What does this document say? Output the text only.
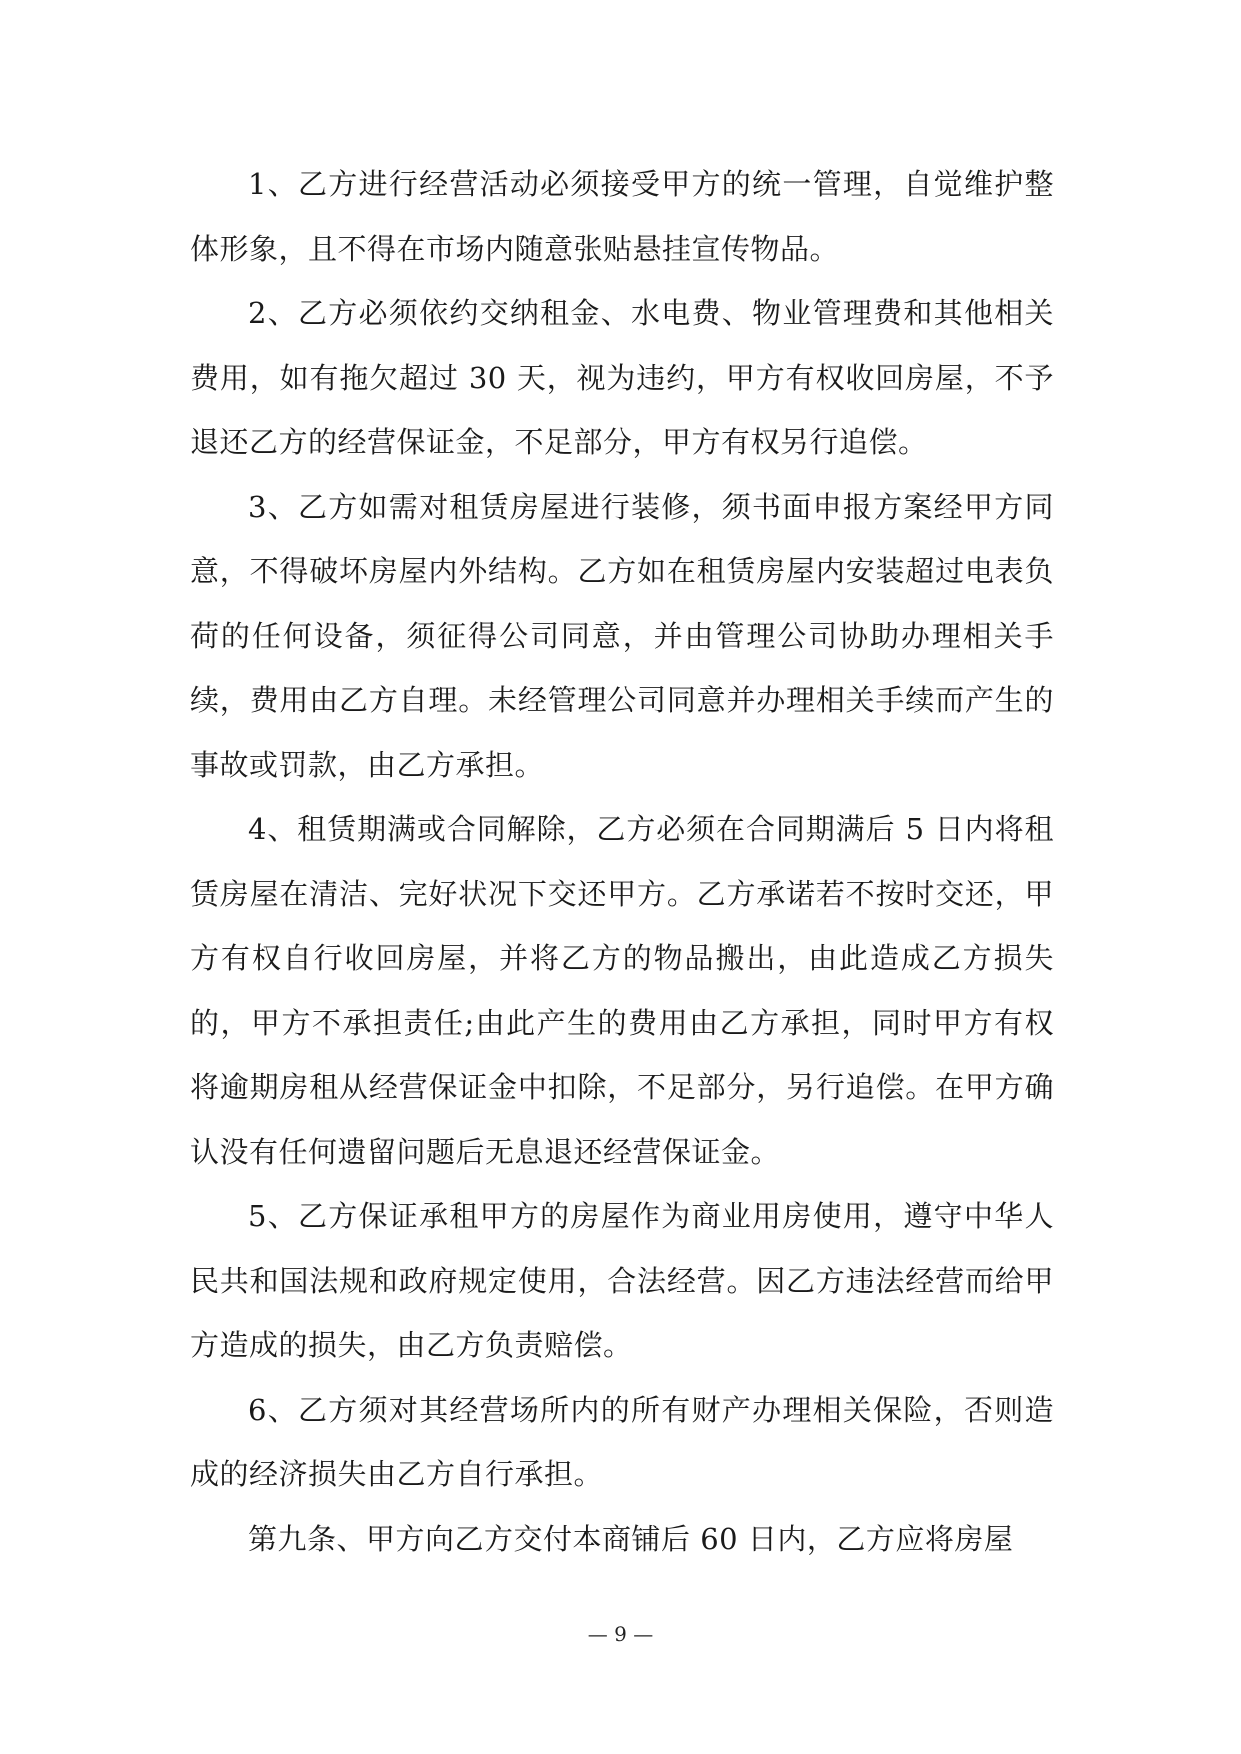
1、乙方进行经营活动必须接受甲方的统一管理，自觉维护整体形象，且不得在市场内随意张贴悬挂宣传物品。

2、乙方必须依约交纳租金、水电费、物业管理费和其他相关费用，如有拖欠超过 30 天，视为违约，甲方有权收回房屋，不予退还乙方的经营保证金，不足部分，甲方有权另行追偿。

3、乙方如需对租赁房屋进行装修，须书面申报方案经甲方同意，不得破坏房屋内外结构。乙方如在租赁房屋内安装超过电表负荷的任何设备，须征得公司同意，并由管理公司协助办理相关手续，费用由乙方自理。未经管理公司同意并办理相关手续而产生的事故或罚款，由乙方承担。

4、租赁期满或合同解除，乙方必须在合同期满后 5 日内将租赁房屋在清洁、完好状况下交还甲方。乙方承诺若不按时交还，甲方有权自行收回房屋，并将乙方的物品搬出，由此造成乙方损失的，甲方不承担责任;由此产生的费用由乙方承担，同时甲方有权将逾期房租从经营保证金中扣除，不足部分，另行追偿。在甲方确认没有任何遗留问题后无息退还经营保证金。

5、乙方保证承租甲方的房屋作为商业用房使用，遵守中华人民共和国法规和政府规定使用，合法经营。因乙方违法经营而给甲方造成的损失，由乙方负责赔偿。

6、乙方须对其经营场所内的所有财产办理相关保险，否则造成的经济损失由乙方自行承担。

第九条、甲方向乙方交付本商铺后 60 日内，乙方应将房屋

— 9 —
